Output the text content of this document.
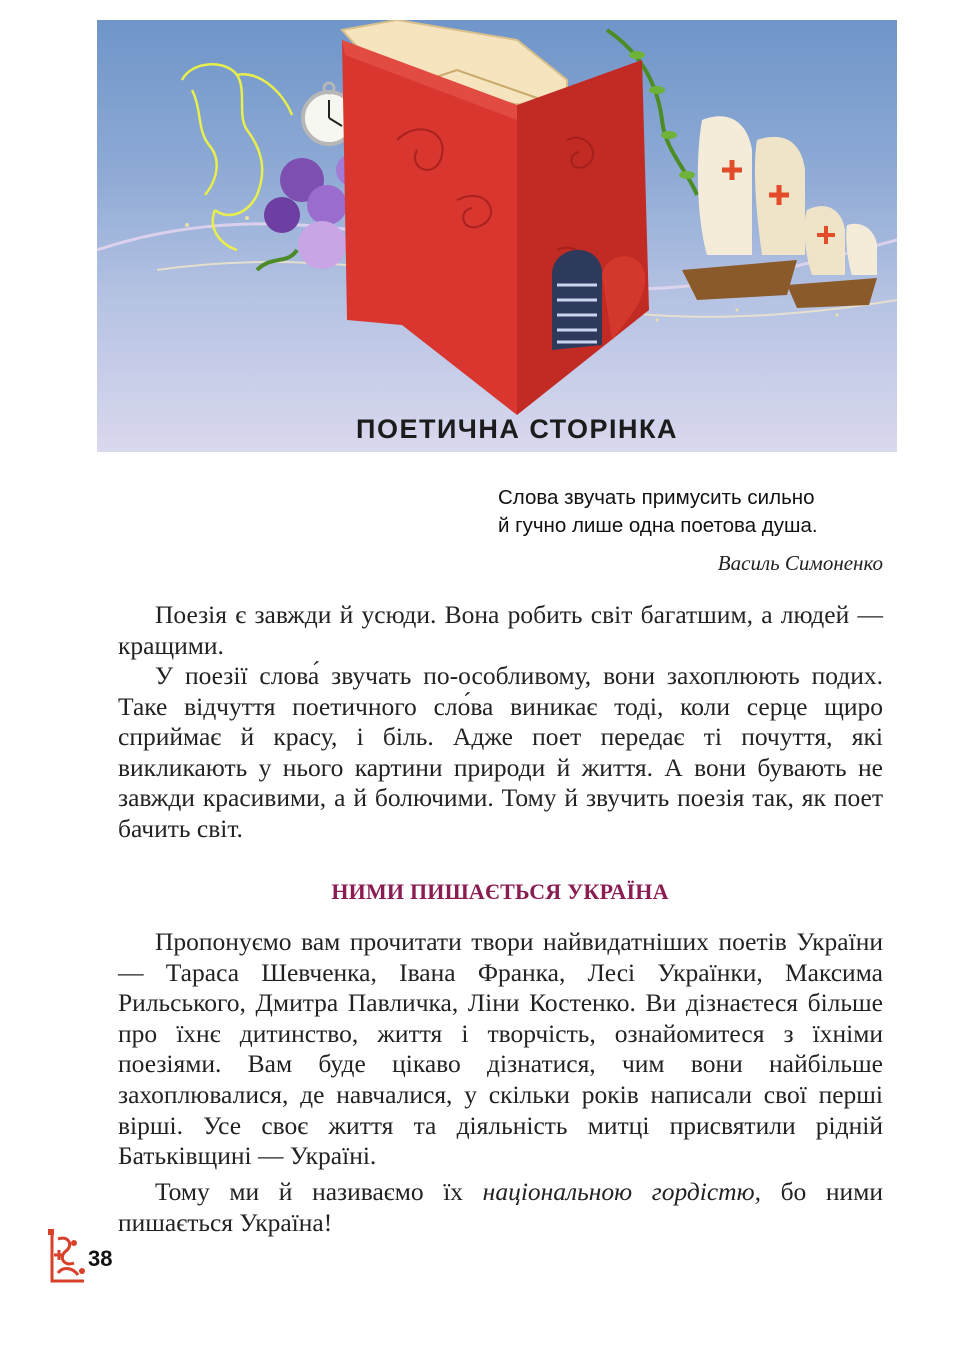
ПОЕТИЧНА СТОРІНКА
Слова звучать примусить сильно
й гучно лише одна поетова душа.
Василь Симоненко

Поезія є завжди й усюди. Вона робить світ багатшим, а людей — кращими.

У поезії слова́ звучать по-особливому, вони захоплюють подих. Таке відчуття поетичного сло́ва виникає тоді, коли серце щиро сприймає й красу, і біль. Адже поет передає ті почуття, які викликають у нього картини природи й життя. А вони бувають не завжди красивими, а й болючими. Тому й звучить поезія так, як поет бачить світ.

НИМИ ПИШАЄТЬСЯ УКРАЇНА

Пропонуємо вам прочитати твори найвидатніших поетів України — Тараса Шевченка, Івана Франка, Лесі Українки, Максима Рильського, Дмитра Павличка, Ліни Костенко. Ви дізнаєтеся більше про їхнє дитинство, життя і творчість, ознайомитеся з їхніми поезіями. Вам буде цікаво дізнатися, чим вони найбільше захоплювалися, де навчалися, у скільки років написали свої перші вірші. Усе своє життя та діяльність митці присвятили рідній Батьківщині — Україні.

Тому ми й називаємо їх національною гордістю, бо ними пишається Україна!

38
